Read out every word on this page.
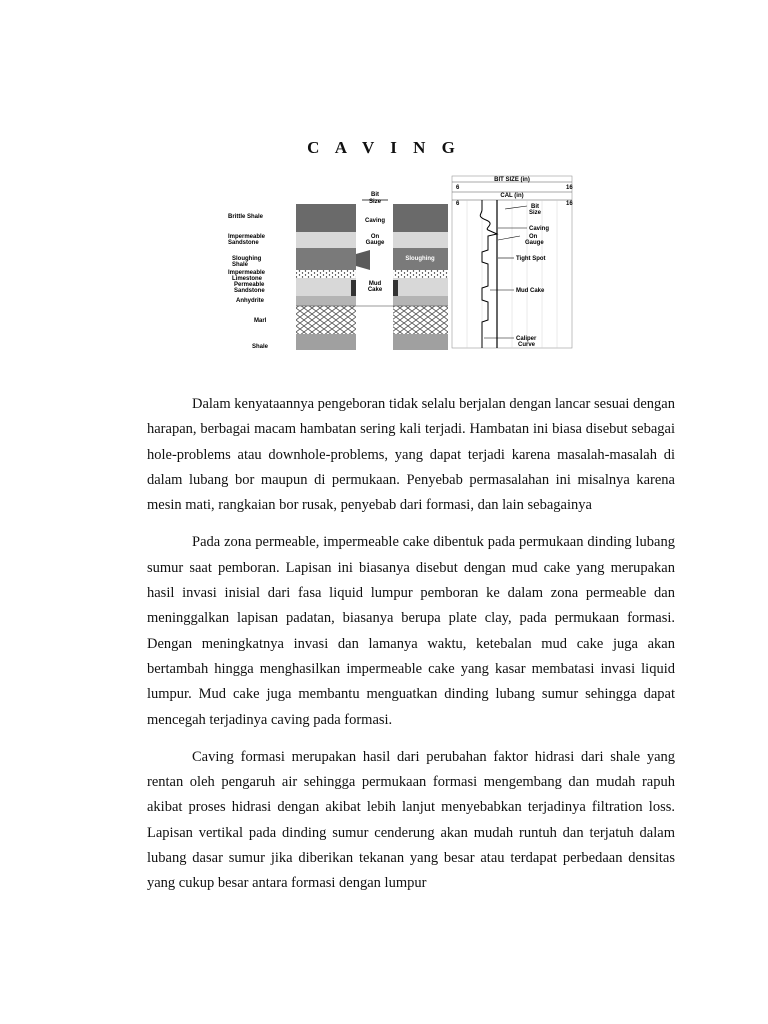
C A V I N G
Brittle Shale
Impermeable
Sandstone
Sloughing
Shale
Impermeable
Limestone
Permeable
Sandstone
Anhydrite
Marl
Shale
Bit
Size
Caving
On
Gauge
Sloughing
Mud
Cake
BIT SIZE (in)
6	16
CAL (in)
6	16
Bit
Size
Caving
On
Gauge
Tight Spot
Mud Cake
Caliper
Curve

Dalam kenyataannya pengeboran tidak selalu berjalan dengan lancar sesuai dengan harapan, berbagai macam hambatan sering kali terjadi. Hambatan ini biasa disebut sebagai hole-problems atau downhole-problems, yang dapat terjadi karena masalah-masalah di dalam lubang bor maupun di permukaan. Penyebab permasalahan ini misalnya karena mesin mati, rangkaian bor rusak, penyebab dari formasi, dan lain sebagainya

Pada zona permeable, impermeable cake dibentuk pada permukaan dinding lubang sumur saat pemboran. Lapisan ini biasanya disebut dengan mud cake yang merupakan hasil invasi inisial dari fasa liquid lumpur pemboran ke dalam zona permeable dan meninggalkan lapisan padatan, biasanya berupa plate clay, pada permukaan formasi. Dengan meningkatnya invasi dan lamanya waktu, ketebalan mud cake juga akan bertambah hingga menghasilkan impermeable cake yang kasar membatasi invasi liquid lumpur. Mud cake juga membantu menguatkan dinding lubang sumur sehingga dapat mencegah terjadinya caving pada formasi.

Caving formasi merupakan hasil dari perubahan faktor hidrasi dari shale yang rentan oleh pengaruh air sehingga permukaan formasi mengembang dan mudah rapuh akibat proses hidrasi dengan akibat lebih lanjut menyebabkan terjadinya filtration loss. Lapisan vertikal pada dinding sumur cenderung akan mudah runtuh dan terjatuh dalam lubang dasar sumur jika diberikan tekanan yang besar atau terdapat perbedaan densitas yang cukup besar antara formasi dengan lumpur
